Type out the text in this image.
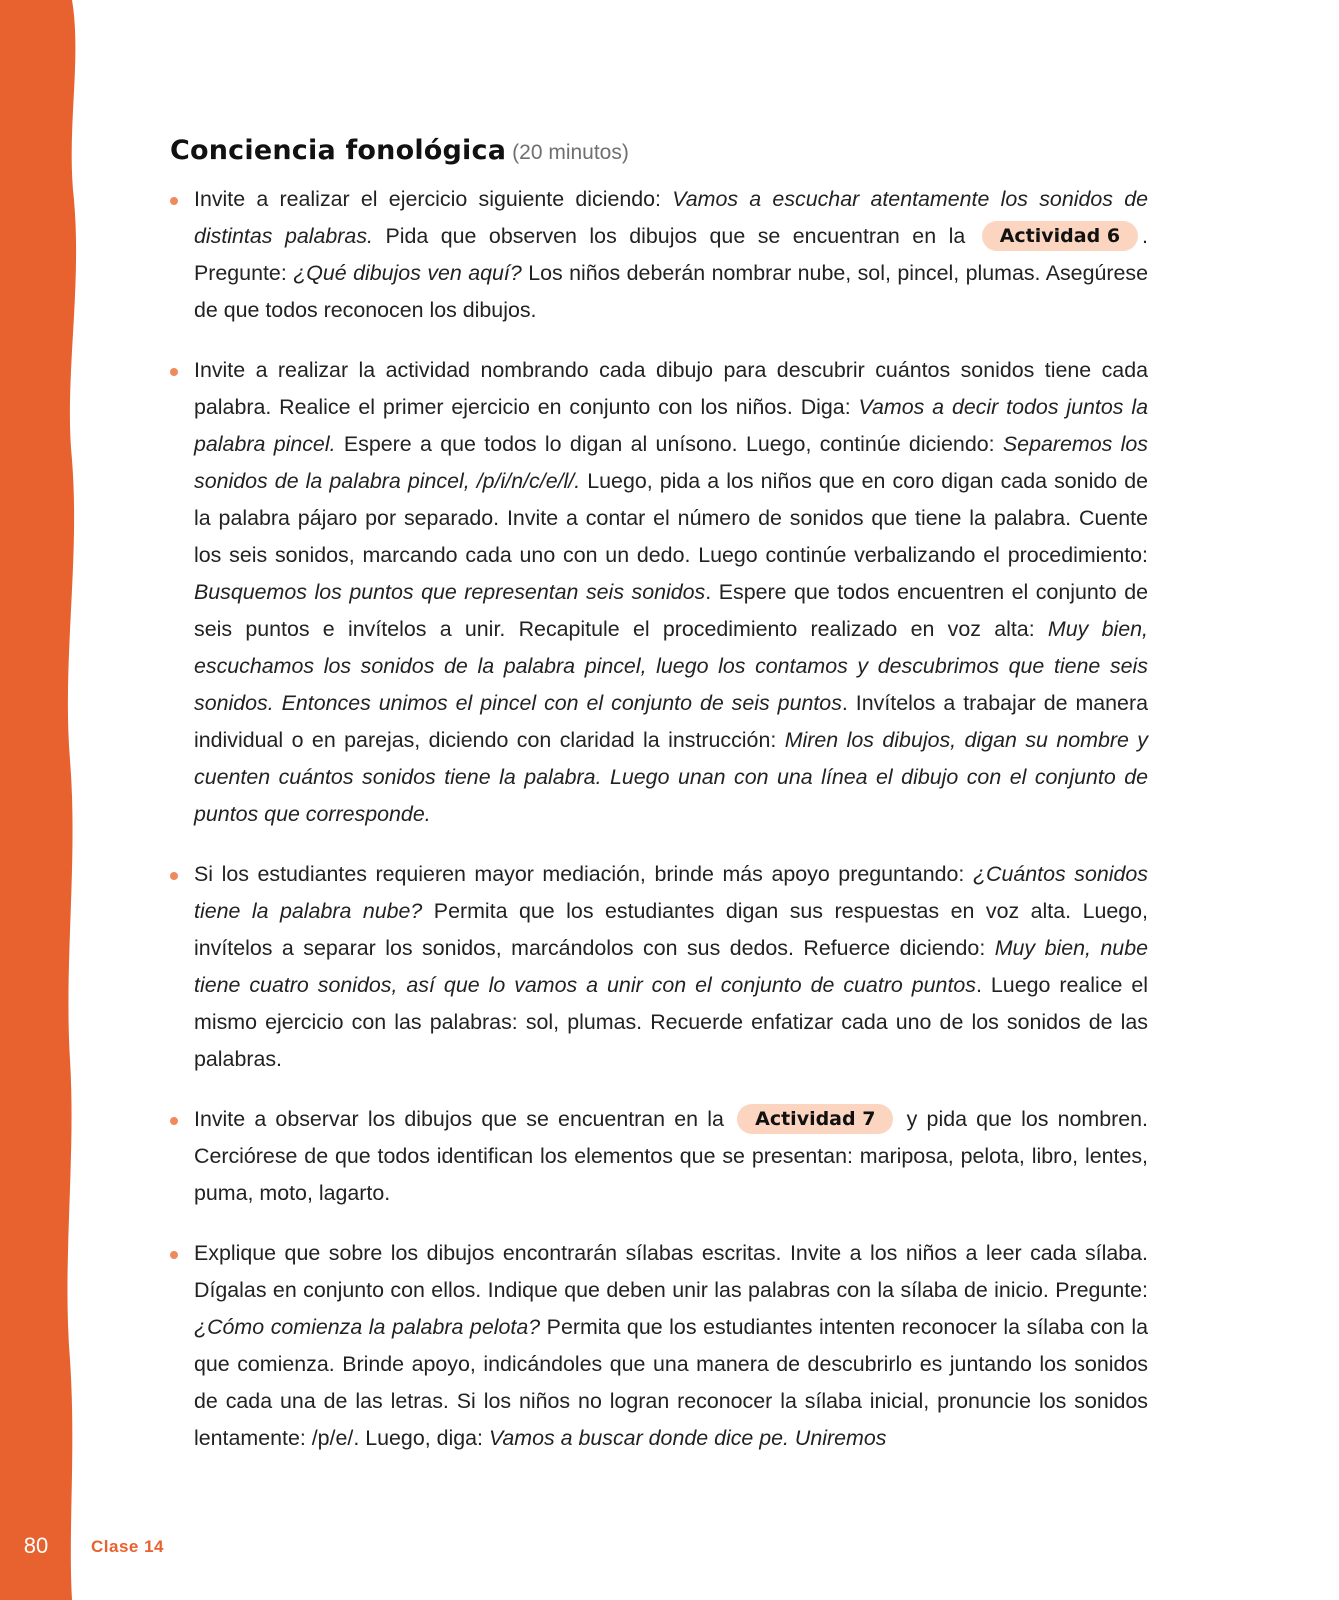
Conciencia fonológica (20 minutos)
Invite a realizar el ejercicio siguiente diciendo: Vamos a escuchar atentamente los sonidos de distintas palabras. Pida que observen los dibujos que se encuentran en la Actividad 6 . Pregunte: ¿Qué dibujos ven aquí? Los niños deberán nombrar nube, sol, pincel, plumas. Asegúrese de que todos reconocen los dibujos.
Invite a realizar la actividad nombrando cada dibujo para descubrir cuántos sonidos tiene cada palabra. Realice el primer ejercicio en conjunto con los niños. Diga: Vamos a decir todos juntos la palabra pincel. Espere a que todos lo digan al unísono. Luego, continúe diciendo: Separemos los sonidos de la palabra pincel, /p/i/n/c/e/l/. Luego, pida a los niños que en coro digan cada sonido de la palabra pájaro por separado. Invite a contar el número de sonidos que tiene la palabra. Cuente los seis sonidos, marcando cada uno con un dedo. Luego continúe verbalizando el procedimiento: Busquemos los puntos que representan seis sonidos. Espere que todos encuentren el conjunto de seis puntos e invítelos a unir. Recapitule el procedimiento realizado en voz alta: Muy bien, escuchamos los sonidos de la palabra pincel, luego los contamos y descubrimos que tiene seis sonidos. Entonces unimos el pincel con el conjunto de seis puntos. Invítelos a trabajar de manera individual o en parejas, diciendo con claridad la instrucción: Miren los dibujos, digan su nombre y cuenten cuántos sonidos tiene la palabra. Luego unan con una línea el dibujo con el conjunto de puntos que corresponde.
Si los estudiantes requieren mayor mediación, brinde más apoyo preguntando: ¿Cuántos sonidos tiene la palabra nube? Permita que los estudiantes digan sus respuestas en voz alta. Luego, invítelos a separar los sonidos, marcándolos con sus dedos. Refuerce diciendo: Muy bien, nube tiene cuatro sonidos, así que lo vamos a unir con el conjunto de cuatro puntos. Luego realice el mismo ejercicio con las palabras: sol, plumas. Recuerde enfatizar cada uno de los sonidos de las palabras.
Invite a observar los dibujos que se encuentran en la Actividad 7 y pida que los nombren. Cerciórese de que todos identifican los elementos que se presentan: mariposa, pelota, libro, lentes, puma, moto, lagarto.
Explique que sobre los dibujos encontrarán sílabas escritas. Invite a los niños a leer cada sílaba. Dígalas en conjunto con ellos. Indique que deben unir las palabras con la sílaba de inicio. Pregunte: ¿Cómo comienza la palabra pelota? Permita que los estudiantes intenten reconocer la sílaba con la que comienza. Brinde apoyo, indicándoles que una manera de descubrirlo es juntando los sonidos de cada una de las letras. Si los niños no logran reconocer la sílaba inicial, pronuncie los sonidos lentamente: /p/e/. Luego, diga: Vamos a buscar donde dice pe. Uniremos
80	Clase 14
